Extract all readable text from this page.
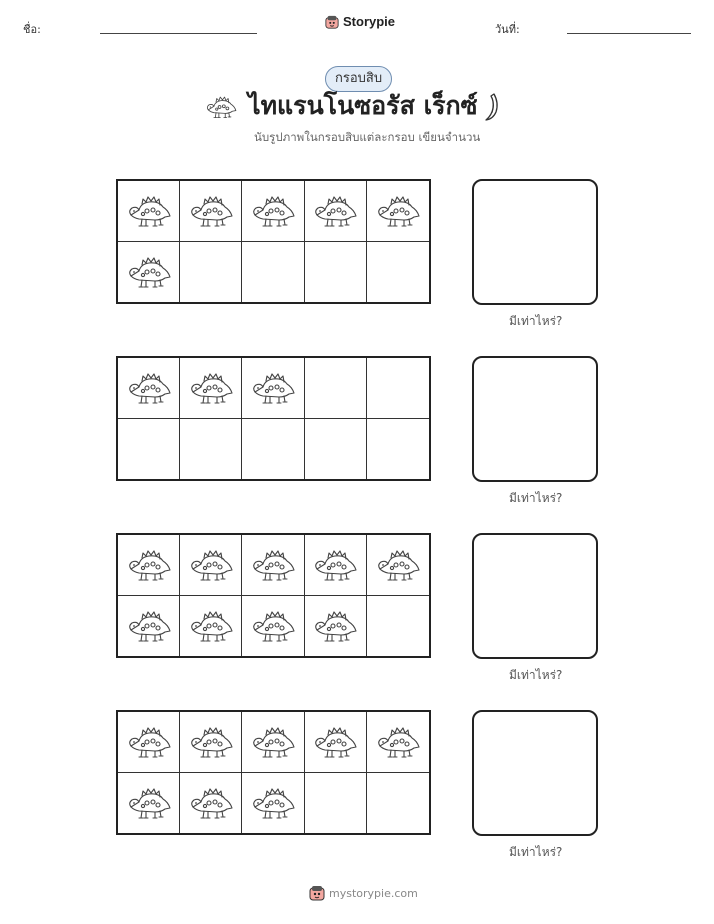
ชื่อ:
Storypie
วันที่:
กรอบสิบ
ไทแรนโนซอรัส เร็กซ์
นับรูปภาพในกรอบสิบแต่ละกรอบ เขียนจำนวน
มีเท่าไหร่?
มีเท่าไหร่?
มีเท่าไหร่?
มีเท่าไหร่?
mystorypie.com
